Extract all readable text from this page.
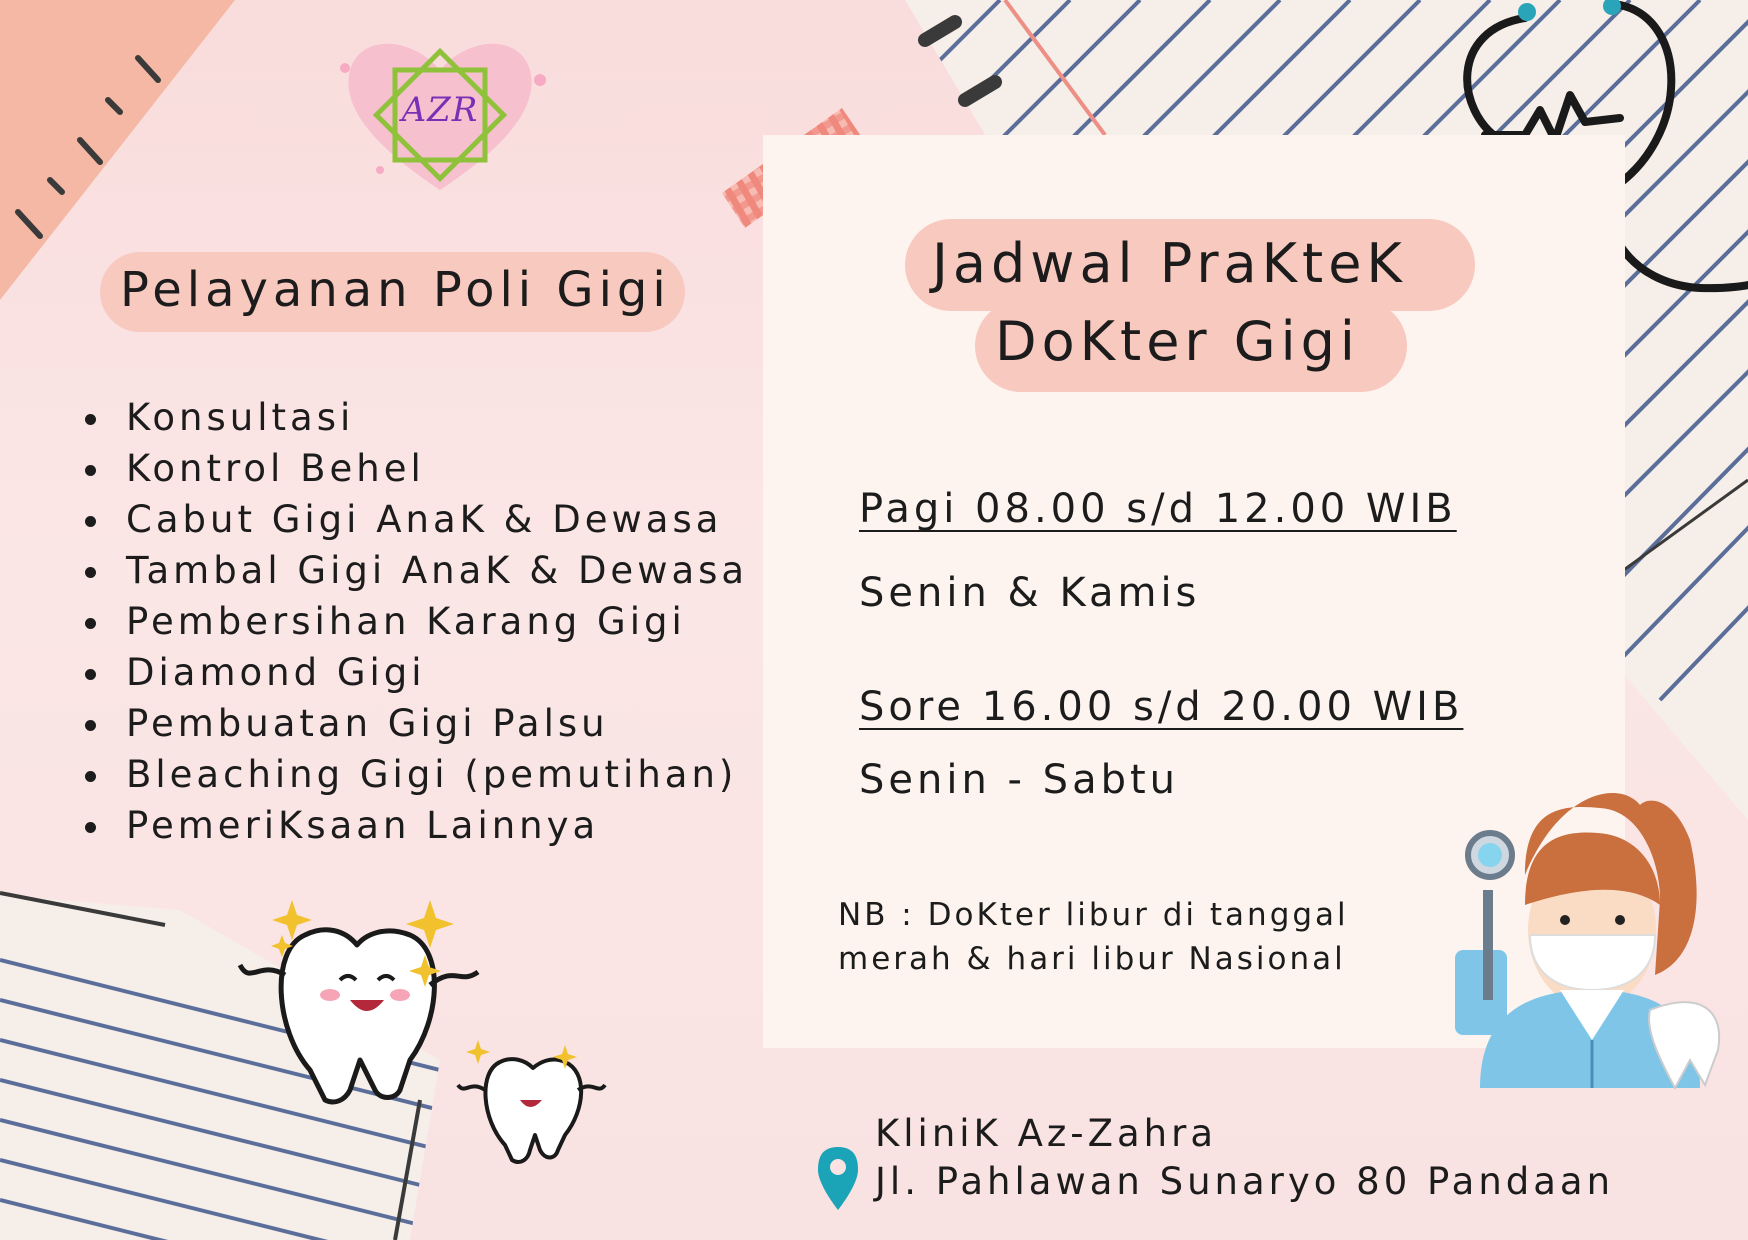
AZR
Pelayanan Poli Gigi
• Konsultasi
• Kontrol Behel
• Cabut Gigi AnaK & Dewasa
• Tambal Gigi AnaK & Dewasa
• Pembersihan Karang Gigi
• Diamond Gigi
• Pembuatan Gigi Palsu
• Bleaching Gigi (pemutihan)
• PemeriKsaan Lainnya
Jadwal PraKteK
DoKter Gigi
Pagi 08.00 s/d 12.00 WIB
Senin & Kamis
Sore 16.00 s/d 20.00 WIB
Senin - Sabtu
NB : DoKter libur di tanggal
merah & hari libur Nasional
KliniK Az-Zahra
Jl. Pahlawan Sunaryo 80 Pandaan
